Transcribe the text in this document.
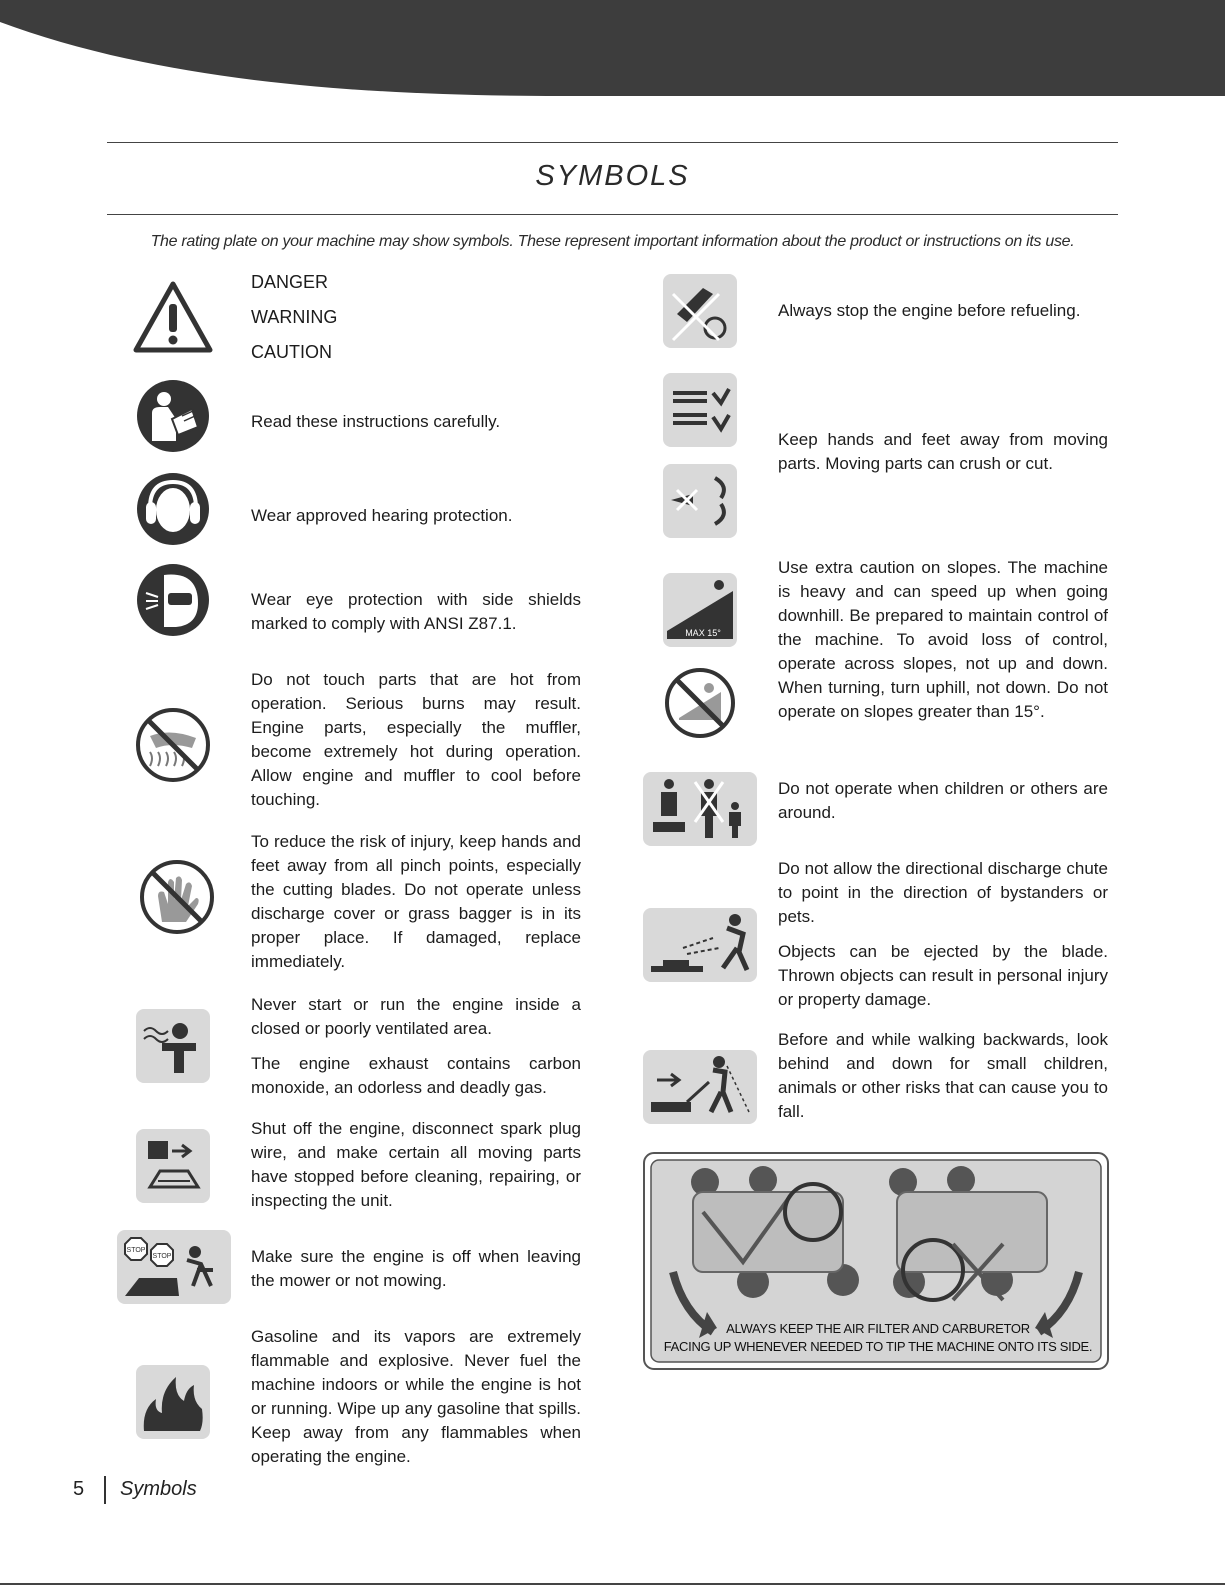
SYMBOLS
The rating plate on your machine may show symbols. These represent important information about the product or instructions on its use.
DANGER
WARNING
CAUTION

Read these instructions carefully.

Wear approved hearing protection.

Wear eye protection with side shields marked to comply with ANSI Z87.1.

Do not touch parts that are hot from operation. Serious burns may result. Engine parts, especially the muffler, become extremely hot during operation. Allow engine and muffler to cool before touching.

To reduce the risk of injury, keep hands and feet away from all pinch points, especially the cutting blades. Do not operate unless discharge cover or grass bagger is in its proper place. If damaged, replace immediately.

Never start or run the engine inside a closed or poorly ventilated area.

The engine exhaust contains carbon monoxide, an odorless and deadly gas.

Shut off the engine, disconnect spark plug wire, and make certain all moving parts have stopped before cleaning, repairing, or inspecting the unit.

STOP
STOP	Make sure the engine is off when leaving the mower or not mowing.

Gasoline and its vapors are extremely flammable and explosive. Never fuel the machine indoors or while the engine is hot or running. Wipe up any gasoline that spills. Keep away from any flammables when operating the engine.

Always stop the engine before refueling.

Keep hands and feet away from moving parts. Moving parts can crush or cut.

MAX 15°

Use extra caution on slopes. The machine is heavy and can speed up when going downhill. Be prepared to maintain control of the machine. To avoid loss of control, operate across slopes, not up and down. When turning, turn uphill, not down. Do not operate on slopes greater than 15°.

Do not operate when children or others are around.

Do not allow the directional discharge chute to point in the direction of bystanders or pets.

Objects can be ejected by the blade. Thrown objects can result in personal injury or property damage.

Before and while walking backwards, look behind and down for small children, animals or other risks that can cause you to fall.

ALWAYS KEEP THE AIR FILTER AND CARBURETOR
FACING UP WHENEVER NEEDED TO TIP THE MACHINE ONTO ITS SIDE.
5 Symbols
